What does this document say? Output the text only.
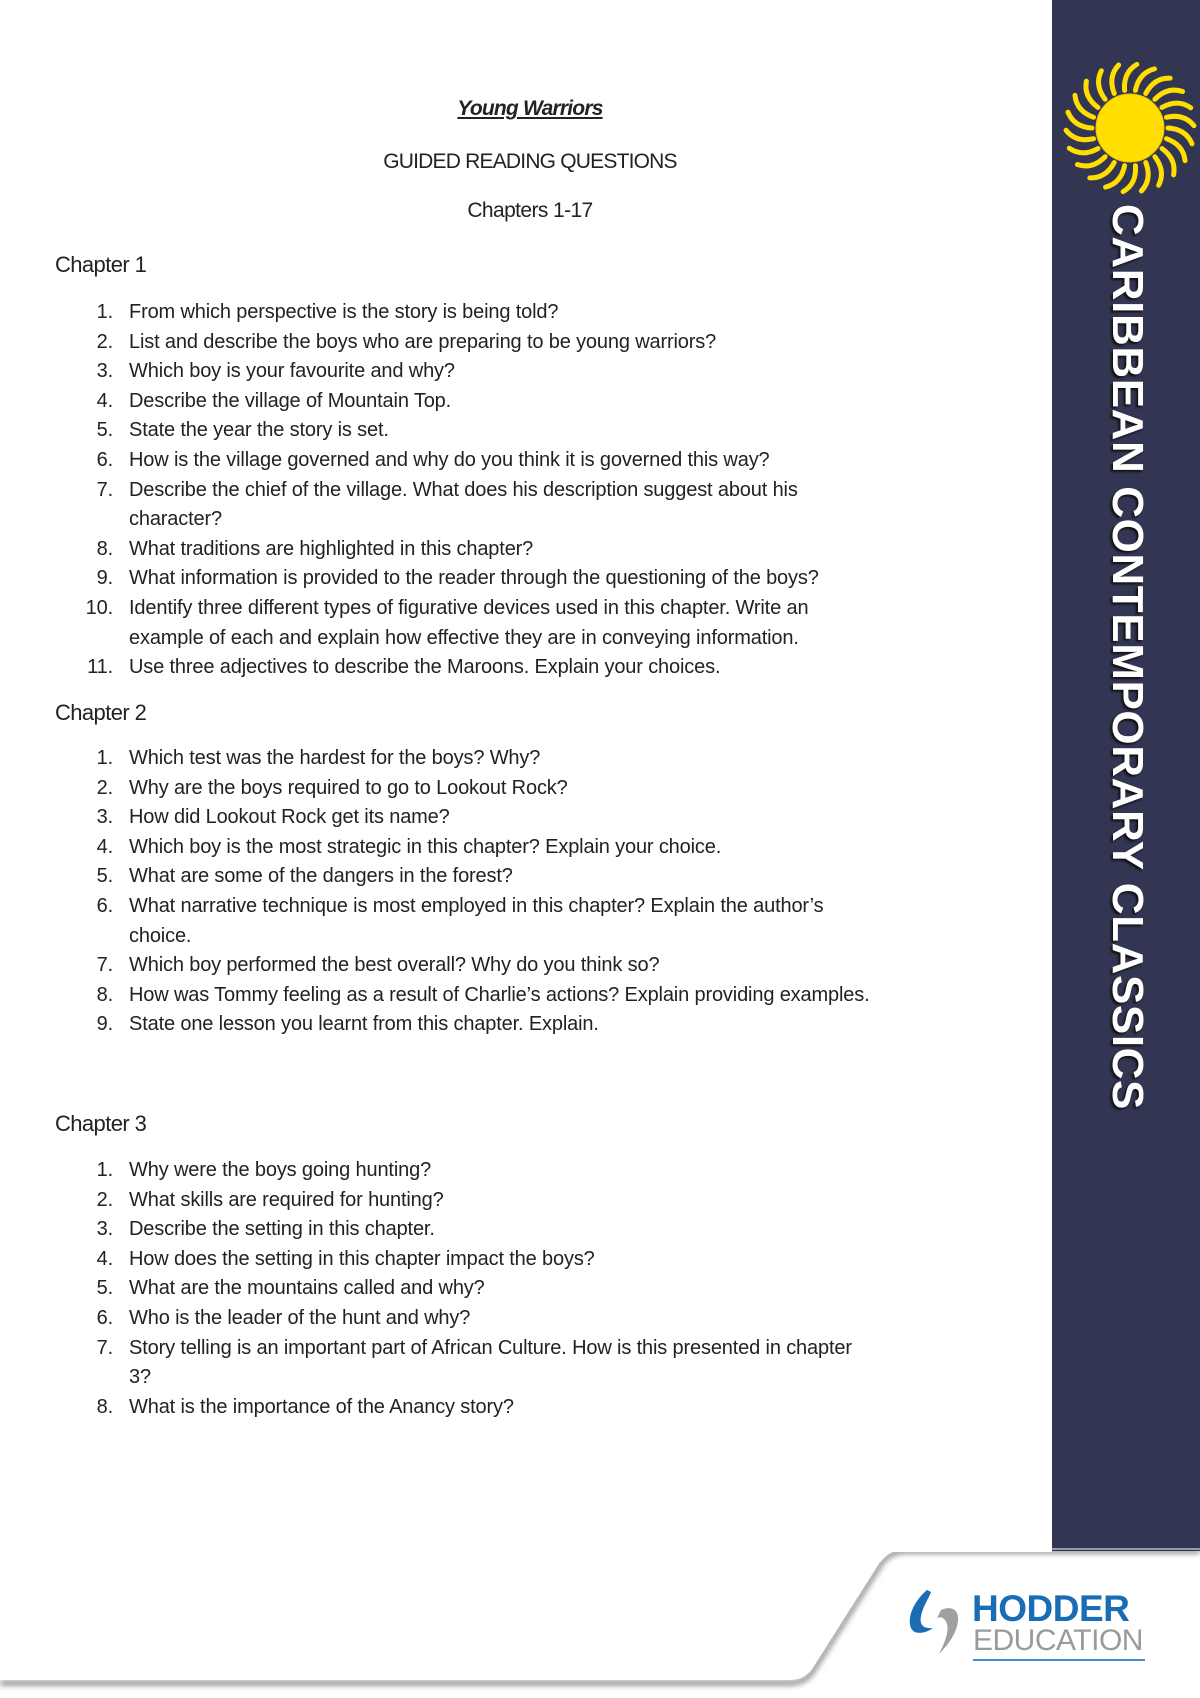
Young Warriors
GUIDED READING QUESTIONS
Chapters 1-17
Chapter 1
1. From which perspective is the story is being told?
2. List and describe the boys who are preparing to be young warriors?
3. Which boy is your favourite and why?
4. Describe the village of Mountain Top.
5. State the year the story is set.
6. How is the village governed and why do you think it is governed this way?
7. Describe the chief of the village. What does his description suggest about his
character?
8. What traditions are highlighted in this chapter?
9. What information is provided to the reader through the questioning of the boys?
10. Identify three different types of figurative devices used in this chapter. Write an
example of each and explain how effective they are in conveying information.
11. Use three adjectives to describe the Maroons. Explain your choices.
Chapter 2
1. Which test was the hardest for the boys? Why?
2. Why are the boys required to go to Lookout Rock?
3. How did Lookout Rock get its name?
4. Which boy is the most strategic in this chapter? Explain your choice.
5. What are some of the dangers in the forest?
6. What narrative technique is most employed in this chapter? Explain the author’s
choice.
7. Which boy performed the best overall? Why do you think so?
8. How was Tommy feeling as a result of Charlie’s actions? Explain providing examples.
9. State one lesson you learnt from this chapter. Explain.
Chapter 3
1. Why were the boys going hunting?
2. What skills are required for hunting?
3. Describe the setting in this chapter.
4. How does the setting in this chapter impact the boys?
5. What are the mountains called and why?
6. Who is the leader of the hunt and why?
7. Story telling is an important part of African Culture. How is this presented in chapter
3?
8. What is the importance of the Anancy story?
CARIBBEAN CONTEMPORARY CLASSICS
HODDER
EDUCATION
